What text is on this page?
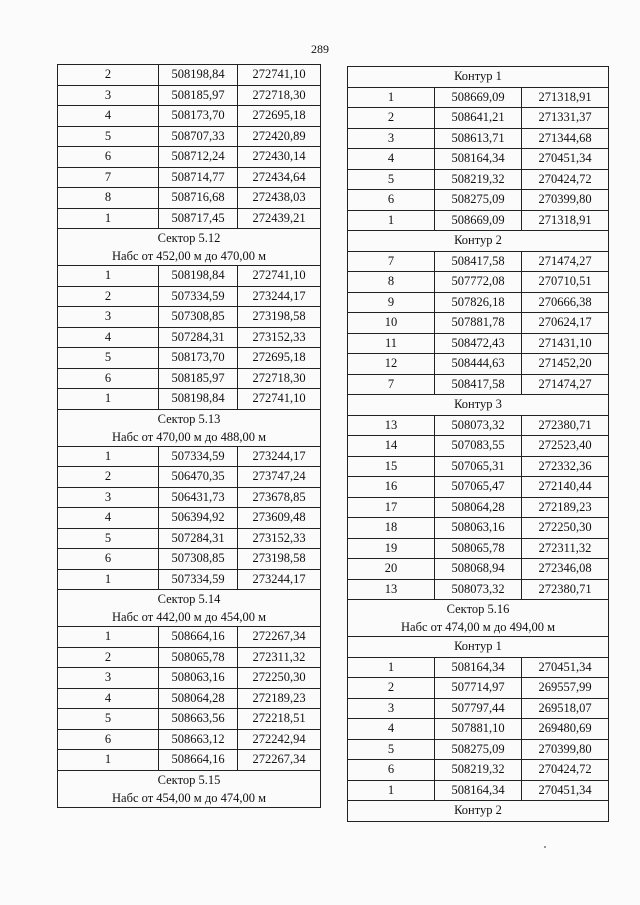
289
2	508198,84	272741,10
3	508185,97	272718,30
4	508173,70	272695,18
5	508707,33	272420,89
6	508712,24	272430,14
7	508714,77	272434,64
8	508716,68	272438,03
1	508717,45	272439,21

Сектор 5.12
Набс от 452,00 м до 470,00 м		

1	508198,84	272741,10
2	507334,59	273244,17
3	507308,85	273198,58
4	507284,31	273152,33
5	508173,70	272695,18
6	508185,97	272718,30
1	508198,84	272741,10

Сектор 5.13
Набс от 470,00 м до 488,00 м		

1	507334,59	273244,17
2	506470,35	273747,24
3	506431,73	273678,85
4	506394,92	273609,48
5	507284,31	273152,33
6	507308,85	273198,58
1	507334,59	273244,17

Сектор 5.14
Набс от 442,00 м до 454,00 м		

1	508664,16	272267,34
2	508065,78	272311,32
3	508063,16	272250,30
4	508064,28	272189,23
5	508663,56	272218,51
6	508663,12	272242,94
1	508664,16	272267,34

Сектор 5.15
Набс от 454,00 м до 474,00 м		
Контур 1		
1	508669,09	271318,91
2	508641,21	271331,37
3	508613,71	271344,68
4	508164,34	270451,34
5	508219,32	270424,72
6	508275,09	270399,80
1	508669,09	271318,91
Контур 2		
7	508417,58	271474,27
8	507772,08	270710,51
9	507826,18	270666,38
10	507881,78	270624,17
11	508472,43	271431,10
12	508444,63	271452,20
7	508417,58	271474,27
Контур 3		
13	508073,32	272380,71
14	507083,55	272523,40
15	507065,31	272332,36
16	507065,47	272140,44
17	508064,28	272189,23
18	508063,16	272250,30
19	508065,78	272311,32
20	508068,94	272346,08
13	508073,32	272380,71

Сектор 5.16
Набс от 474,00 м до 494,00 м		

Контур 1		
1	508164,34	270451,34
2	507714,97	269557,99
3	507797,44	269518,07
4	507881,10	269480,69
5	508275,09	270399,80
6	508219,32	270424,72
1	508164,34	270451,34
Контур 2		
